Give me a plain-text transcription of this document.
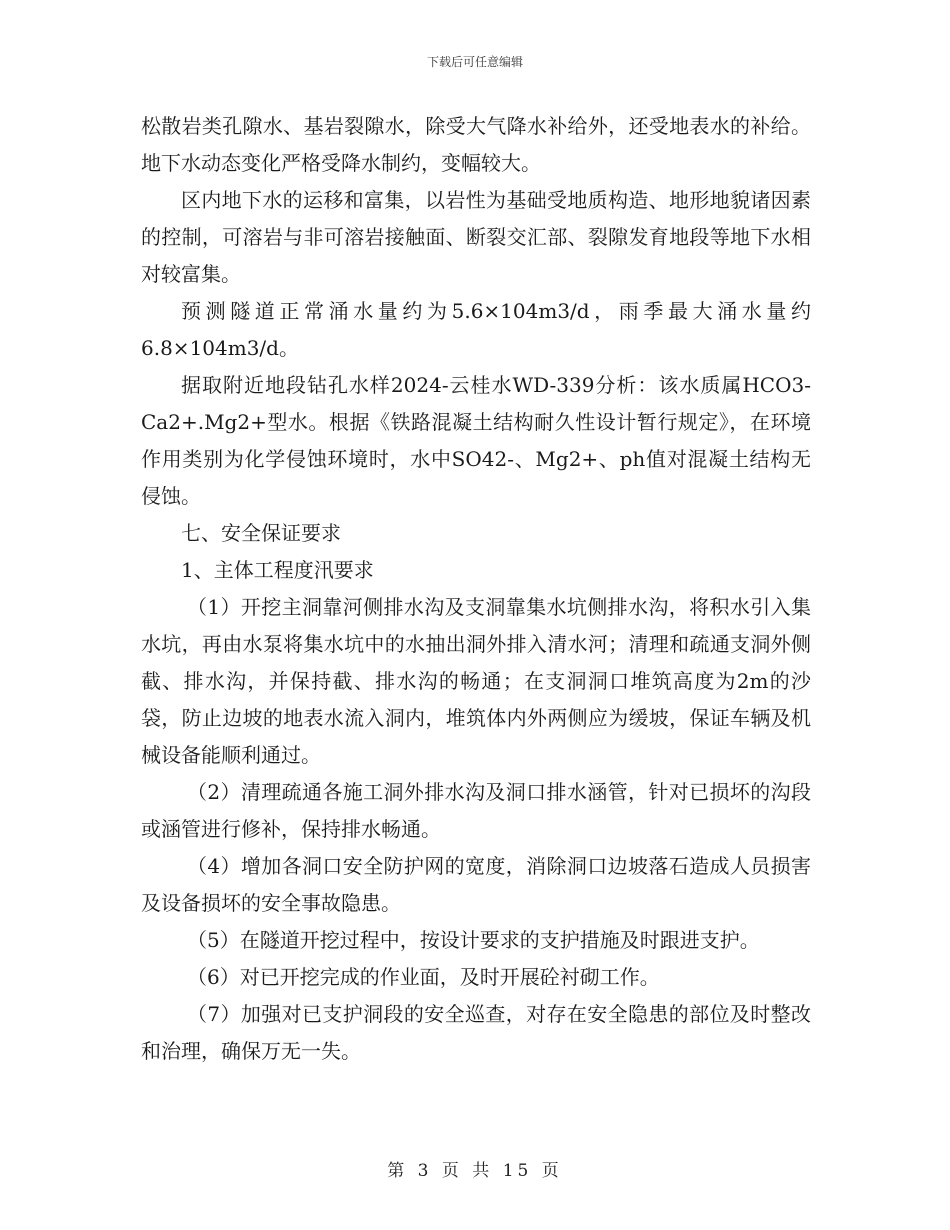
下载后可任意编辑

松散岩类孔隙水、基岩裂隙水，除受大气降水补给外，还受地表水的补给。地下水动态变化严格受降水制约，变幅较大。

区内地下水的运移和富集，以岩性为基础受地质构造、地形地貌诸因素的控制，可溶岩与非可溶岩接触面、断裂交汇部、裂隙发育地段等地下水相对较富集。

预测隧道正常涌水量约为5.6×104m3/d，雨季最大涌水量约6.8×104m3/d。

据取附近地段钻孔水样2024-云桂水WD-339分析：该水质属HCO3-Ca2+.Mg2+型水。根据《铁路混凝土结构耐久性设计暂行规定》，在环境作用类别为化学侵蚀环境时，水中SO42-、Mg2+、ph值对混凝土结构无侵蚀。

七、安全保证要求

1、主体工程度汛要求

（1）开挖主洞靠河侧排水沟及支洞靠集水坑侧排水沟，将积水引入集水坑，再由水泵将集水坑中的水抽出洞外排入清水河；清理和疏通支洞外侧截、排水沟，并保持截、排水沟的畅通；在支洞洞口堆筑高度为2m的沙袋，防止边坡的地表水流入洞内，堆筑体内外两侧应为缓坡，保证车辆及机械设备能顺利通过。

（2）清理疏通各施工洞外排水沟及洞口排水涵管，针对已损坏的沟段或涵管进行修补，保持排水畅通。

（4）增加各洞口安全防护网的宽度，消除洞口边坡落石造成人员损害及设备损坏的安全事故隐患。

（5）在隧道开挖过程中，按设计要求的支护措施及时跟进支护。

（6）对已开挖完成的作业面，及时开展砼衬砌工作。

（7）加强对已支护洞段的安全巡查，对存在安全隐患的部位及时整改和治理，确保万无一失。

第 3 页 共 15 页
